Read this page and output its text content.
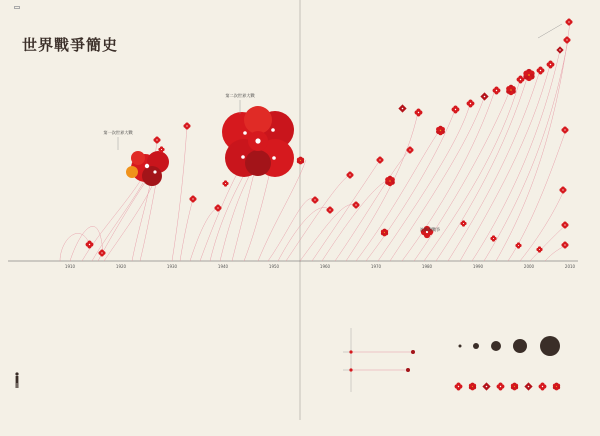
世界戰爭簡史
1910	1920	1930	1940	1950	1960	1970	1980	1990	2000	2010
第一次世界大戰
第二次世界大戰
波斯灣戰爭
